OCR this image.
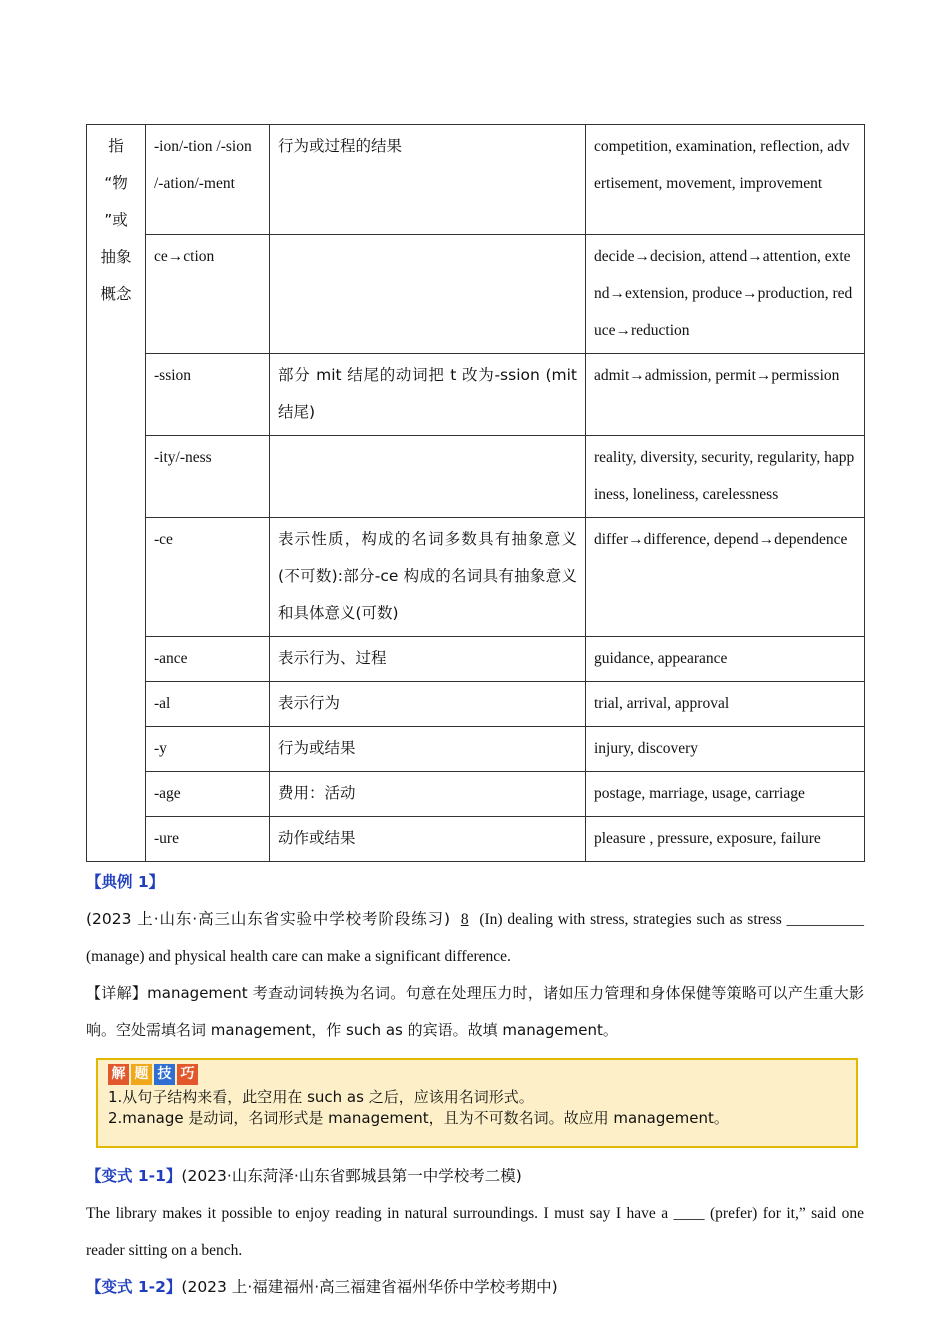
指
“物
”或
抽象
概念	-ion/-tion /-sion /-ation/-ment	行为或过程的结果	competition, examination, reflection, advertisement, movement, improvement
	ce→ction		decide→decision, attend→attention, extend→extension, produce→production, reduce→reduction
	-ssion	部分 mit 结尾的动词把 t 改为-ssion (mit 结尾)	admit→admission, permit→permission
	-ity/-ness		reality, diversity, security, regularity, happiness, loneliness, carelessness
	-ce	表示性质，构成的名词多数具有抽象意义(不可数):部分-ce 构成的名词具有抽象意义和具体意义(可数)	differ→difference, depend→dependence
	-ance	表示行为、过程	guidance, appearance
	-al	表示行为	trial, arrival, approval
	-y	行为或结果	injury, discovery
	-age	费用：活动	postage, marriage, usage, carriage
	-ure	动作或结果	pleasure , pressure, exposure, failure

【典例 1】

(2023 上·山东·高三山东省实验中学校考阶段练习) 8 (In) dealing with stress, strategies such as stress __________ (manage) and physical health care can make a significant difference.

【详解】management 考查动词转换为名词。句意在处理压力时，诸如压力管理和身体保健等策略可以产生重大影响。空处需填名词 management，作 such as 的宾语。故填 management。

解 题 技 巧
1.从句子结构来看，此空用在 such as 之后，应该用名词形式。
2.manage 是动词，名词形式是 management，且为不可数名词。故应用 management。

【变式 1-1】(2023·山东菏泽·山东省鄄城县第一中学校考二模)

The library makes it possible to enjoy reading in natural surroundings. I must say I have a ____ (prefer) for it,” said one reader sitting on a bench.

【变式 1-2】(2023 上·福建福州·高三福建省福州华侨中学校考期中)
